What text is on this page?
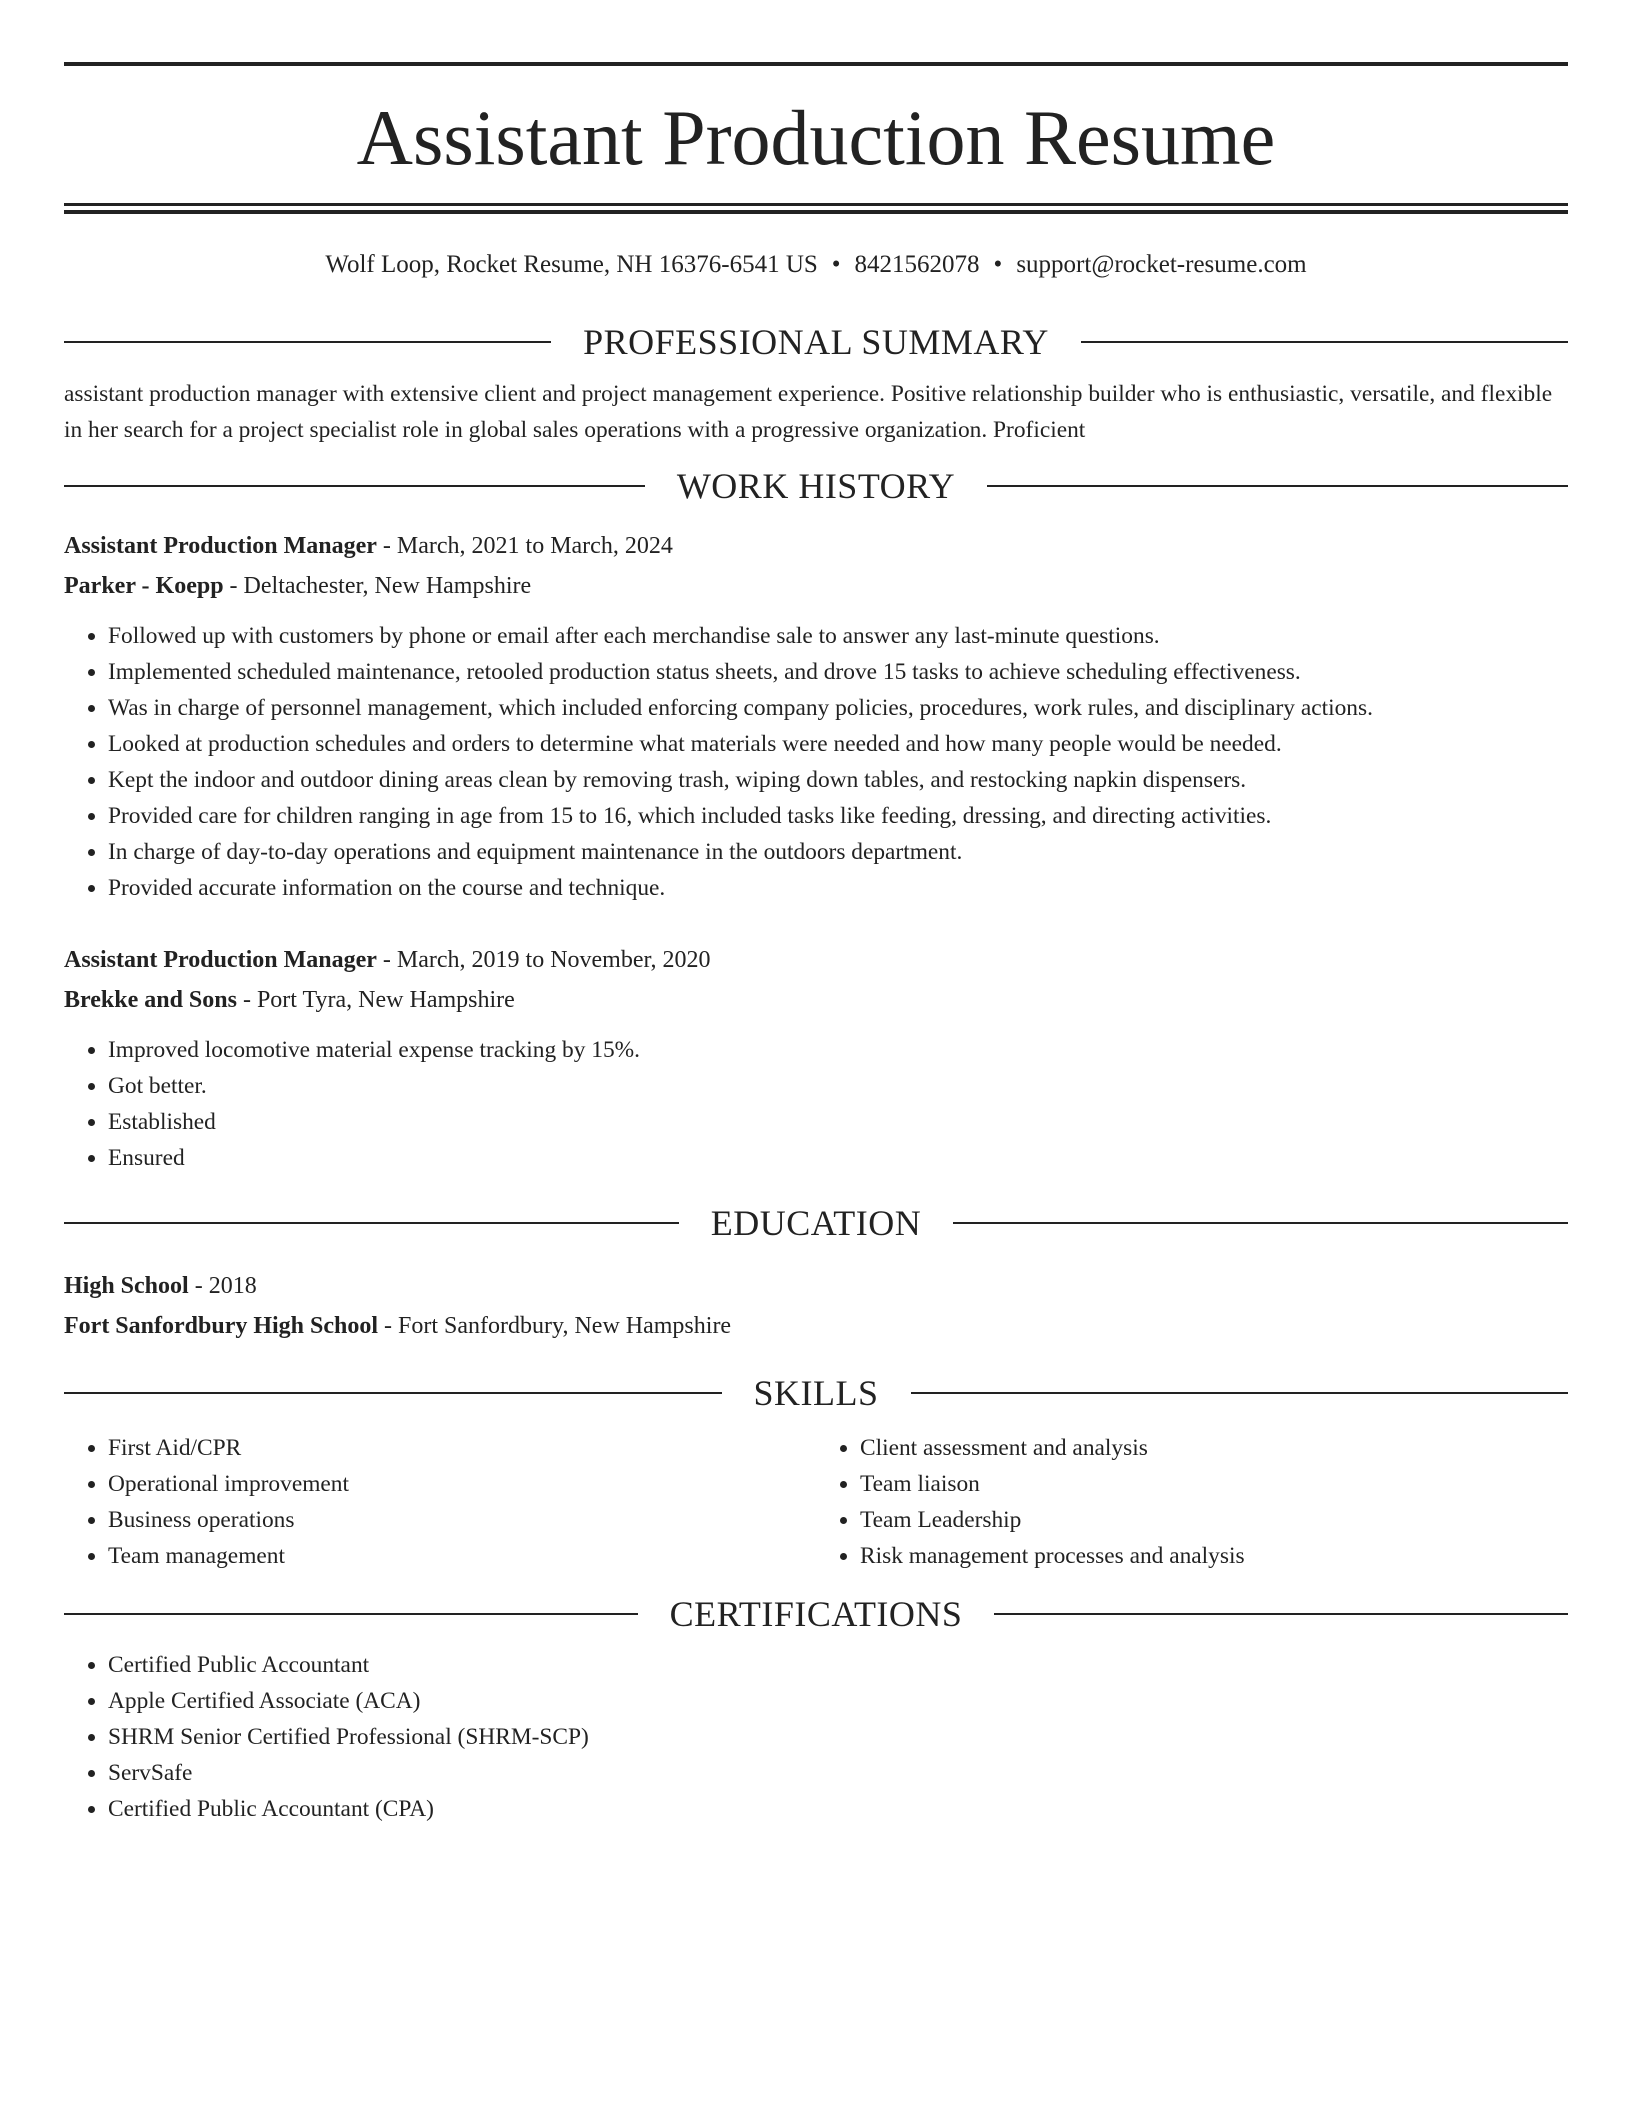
Assistant Production Resume
Wolf Loop, Rocket Resume, NH 16376-6541 US • 8421562078 • support@rocket-resume.com
PROFESSIONAL SUMMARY
assistant production manager with extensive client and project management experience. Positive relationship builder who is enthusiastic, versatile, and flexible in her search for a project specialist role in global sales operations with a progressive organization. Proficient
WORK HISTORY
Assistant Production Manager - March, 2021 to March, 2024
Parker - Koepp - Deltachester, New Hampshire
• Followed up with customers by phone or email after each merchandise sale to answer any last-minute questions.
• Implemented scheduled maintenance, retooled production status sheets, and drove 15 tasks to achieve scheduling effectiveness.
• Was in charge of personnel management, which included enforcing company policies, procedures, work rules, and disciplinary actions.
• Looked at production schedules and orders to determine what materials were needed and how many people would be needed.
• Kept the indoor and outdoor dining areas clean by removing trash, wiping down tables, and restocking napkin dispensers.
• Provided care for children ranging in age from 15 to 16, which included tasks like feeding, dressing, and directing activities.
• In charge of day-to-day operations and equipment maintenance in the outdoors department.
• Provided accurate information on the course and technique.
Assistant Production Manager - March, 2019 to November, 2020
Brekke and Sons - Port Tyra, New Hampshire
• Improved locomotive material expense tracking by 15%.
• Got better.
• Established
• Ensured
EDUCATION
High School - 2018
Fort Sanfordbury High School - Fort Sanfordbury, New Hampshire
SKILLS
• First Aid/CPR
• Operational improvement
• Business operations
• Team management
• Client assessment and analysis
• Team liaison
• Team Leadership
• Risk management processes and analysis
CERTIFICATIONS
• Certified Public Accountant
• Apple Certified Associate (ACA)
• SHRM Senior Certified Professional (SHRM-SCP)
• ServSafe
• Certified Public Accountant (CPA)
